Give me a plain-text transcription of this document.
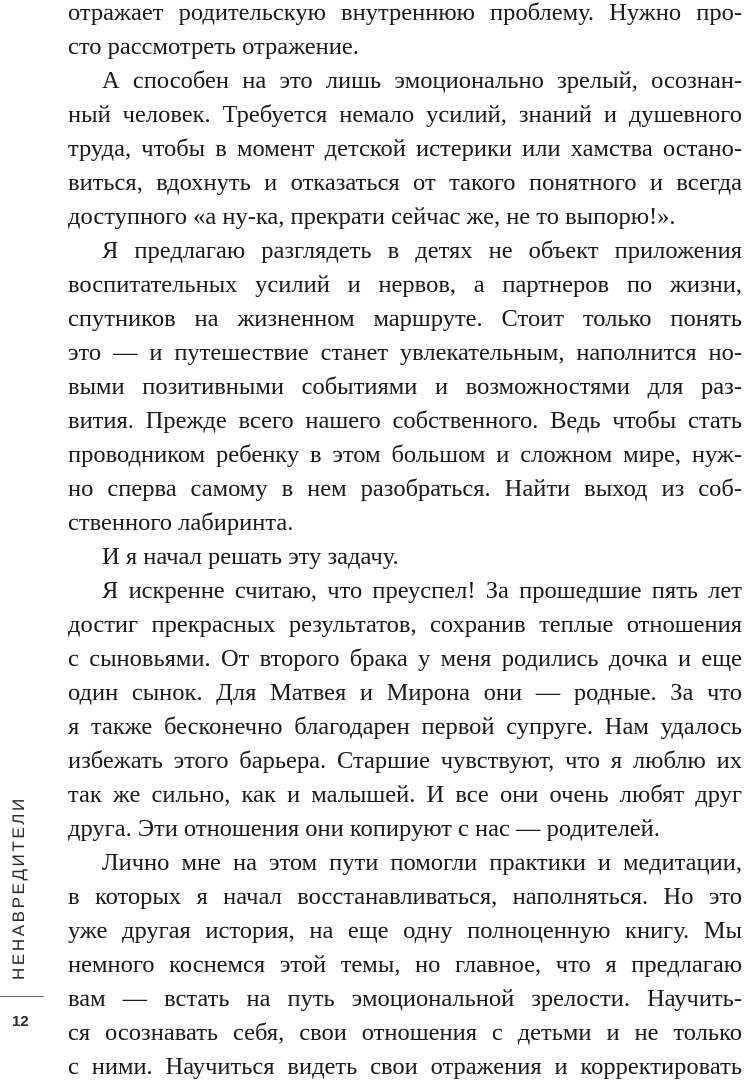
отражает родительскую внутреннюю проблему. Нужно про-
сто рассмотреть отражение.
А способен на это лишь эмоционально зрелый, осознан-
ный человек. Требуется немало усилий, знаний и душевного
труда, чтобы в момент детской истерики или хамства остано-
виться, вдохнуть и отказаться от такого понятного и всегда
доступного «а ну-ка, прекрати сейчас же, не то выпорю!».
Я предлагаю разглядеть в детях не объект приложения
воспитательных усилий и нервов, а партнеров по жизни,
спутников на жизненном маршруте. Стоит только понять
это — и путешествие станет увлекательным, наполнится но-
выми позитивными событиями и возможностями для раз-
вития. Прежде всего нашего собственного. Ведь чтобы стать
проводником ребенку в этом большом и сложном мире, нуж-
но сперва самому в нем разобраться. Найти выход из соб-
ственного лабиринта.
И я начал решать эту задачу.
Я искренне считаю, что преуспел! За прошедшие пять лет
достиг прекрасных результатов, сохранив теплые отношения
с сыновьями. От второго брака у меня родились дочка и еще
один сынок. Для Матвея и Мирона они — родные. За что
я также бесконечно благодарен первой супруге. Нам удалось
избежать этого барьера. Старшие чувствуют, что я люблю их
так же сильно, как и малышей. И все они очень любят друг
друга. Эти отношения они копируют с нас — родителей.
Лично мне на этом пути помогли практики и медитации,
в которых я начал восстанавливаться, наполняться. Но это
уже другая история, на еще одну полноценную книгу. Мы
немного коснемся этой темы, но главное, что я предлагаю
вам — встать на путь эмоциональной зрелости. Научить-
ся осознавать себя, свои отношения с детьми и не только
с ними. Научиться видеть свои отражения и корректировать
НЕНАВРЕДИТЕЛИ
12
